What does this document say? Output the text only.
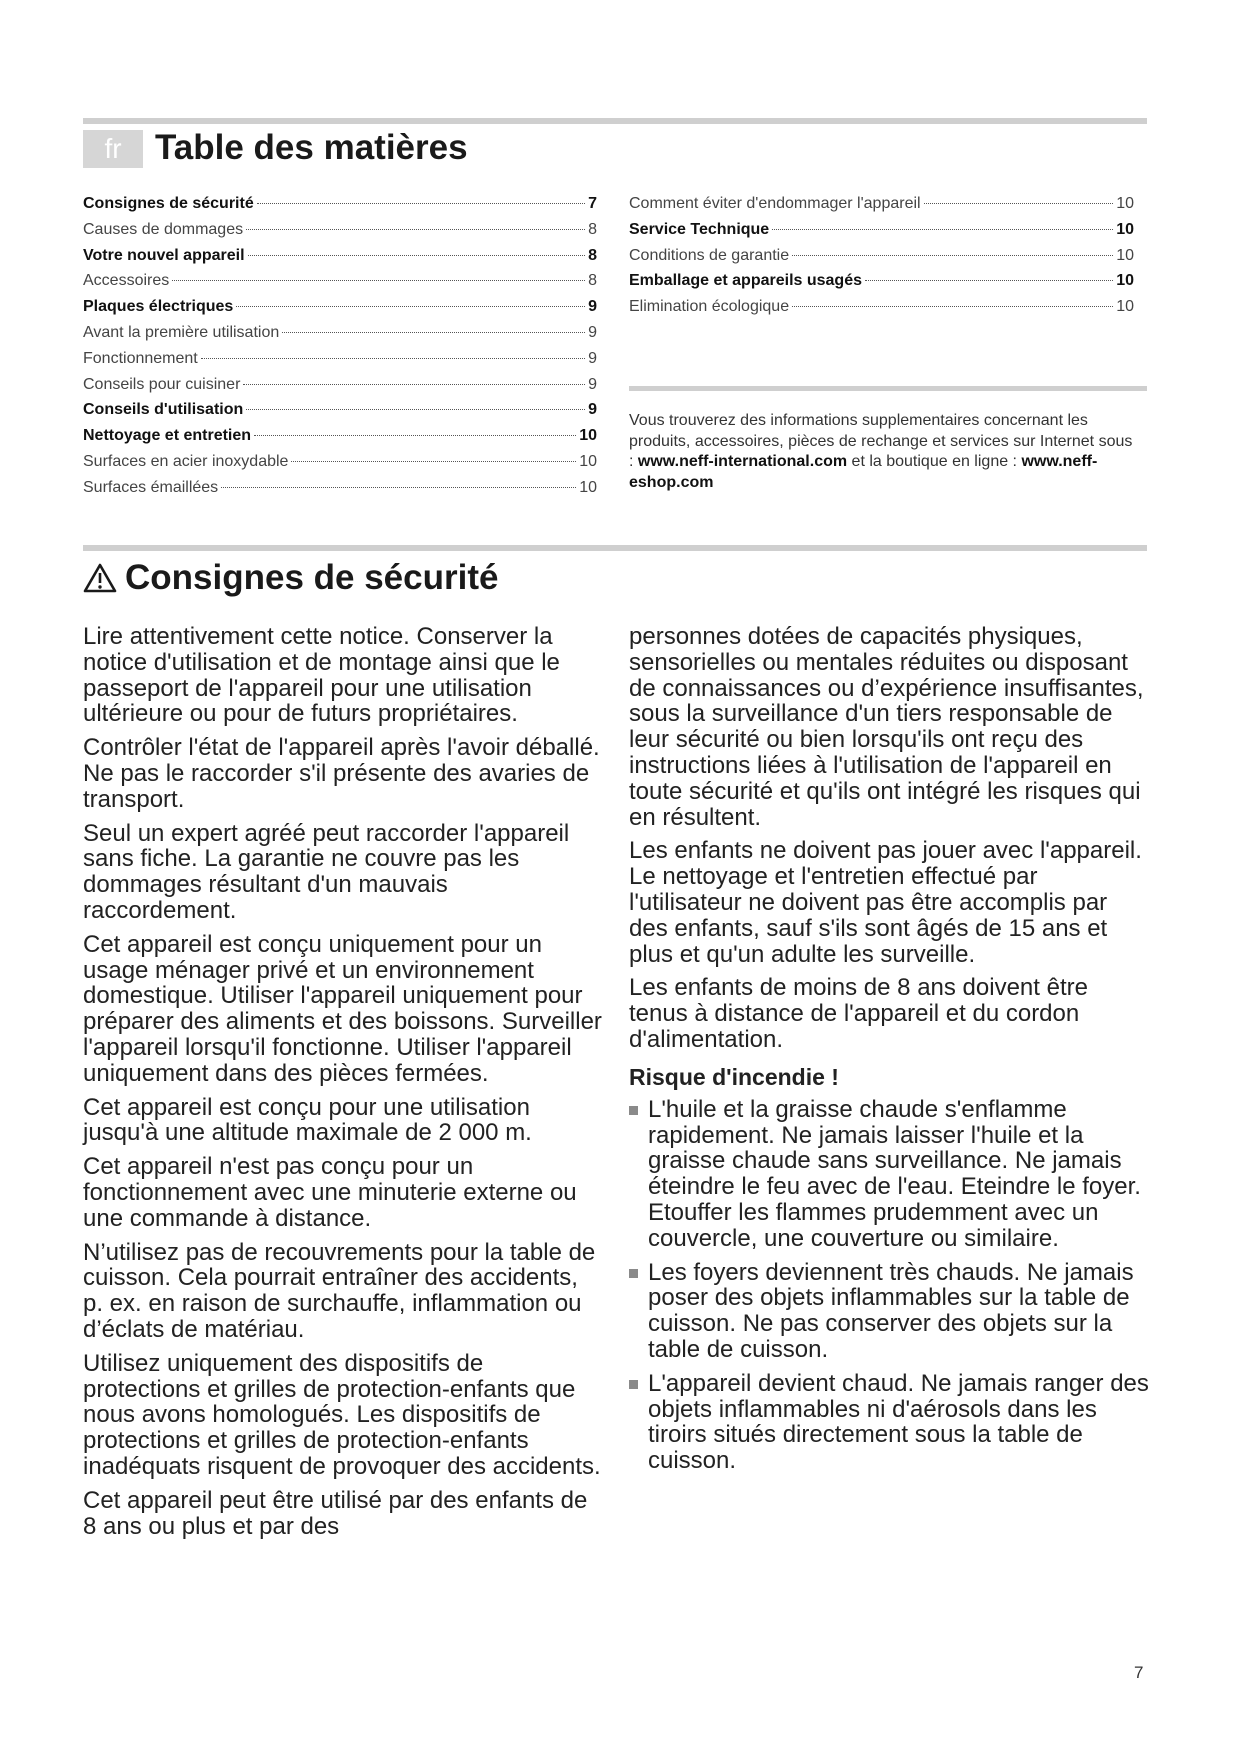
fr Table des matières
Consignes de sécurité	7
Causes de dommages	8
Votre nouvel appareil	8
Accessoires	8
Plaques électriques	9
Avant la première utilisation	9
Fonctionnement	9
Conseils pour cuisiner	9
Conseils d'utilisation	9
Nettoyage et entretien	10
Surfaces en acier inoxydable	10
Surfaces émaillées	10
Comment éviter d'endommager l'appareil	10
Service Technique	10
Conditions de garantie	10
Emballage et appareils usagés	10
Elimination écologique	10
Vous trouverez des informations supplementaires concernant les produits, accessoires, pièces de rechange et services sur Internet sous : www.neff-international.com et la boutique en ligne : www.neff-eshop.com
Consignes de sécurité

Lire attentivement cette notice. Conserver la notice d'utilisation et de montage ainsi que le passeport de l'appareil pour une utilisation ultérieure ou pour de futurs propriétaires.

Contrôler l'état de l'appareil après l'avoir déballé. Ne pas le raccorder s'il présente des avaries de transport.

Seul un expert agréé peut raccorder l'appareil sans fiche. La garantie ne couvre pas les dommages résultant d'un mauvais raccordement.

Cet appareil est conçu uniquement pour un usage ménager privé et un environnement domestique. Utiliser l'appareil uniquement pour préparer des aliments et des boissons. Surveiller l'appareil lorsqu'il fonctionne. Utiliser l'appareil uniquement dans des pièces fermées.

Cet appareil est conçu pour une utilisation jusqu'à une altitude maximale de 2 000 m.

Cet appareil n'est pas conçu pour un fonctionnement avec une minuterie externe ou une commande à distance.

N’utilisez pas de recouvrements pour la table de cuisson. Cela pourrait entraîner des accidents, p. ex. en raison de surchauffe, inflammation ou d’éclats de matériau.

Utilisez uniquement des dispositifs de protections et grilles de protection-enfants que nous avons homologués. Les dispositifs de protections et grilles de protection-enfants inadéquats risquent de provoquer des accidents.

Cet appareil peut être utilisé par des enfants de 8 ans ou plus et par des

personnes dotées de capacités physiques, sensorielles ou mentales réduites ou disposant de connaissances ou d’expérience insuffisantes, sous la surveillance d'un tiers responsable de leur sécurité ou bien lorsqu'ils ont reçu des instructions liées à l'utilisation de l'appareil en toute sécurité et qu'ils ont intégré les risques qui en résultent.

Les enfants ne doivent pas jouer avec l'appareil. Le nettoyage et l'entretien effectué par l'utilisateur ne doivent pas être accomplis par des enfants, sauf s'ils sont âgés de 15 ans et plus et qu'un adulte les surveille.

Les enfants de moins de 8 ans doivent être tenus à distance de l'appareil et du cordon d'alimentation.

Risque d'incendie !
L'huile et la graisse chaude s'enflamme rapidement. Ne jamais laisser l'huile et la graisse chaude sans surveillance. Ne jamais éteindre le feu avec de l'eau. Eteindre le foyer. Etouffer les flammes prudemment avec un couvercle, une couverture ou similaire.
Les foyers deviennent très chauds. Ne jamais poser des objets inflammables sur la table de cuisson. Ne pas conserver des objets sur la table de cuisson.
L'appareil devient chaud. Ne jamais ranger des objets inflammables ni d'aérosols dans les tiroirs situés directement sous la table de cuisson.
7
